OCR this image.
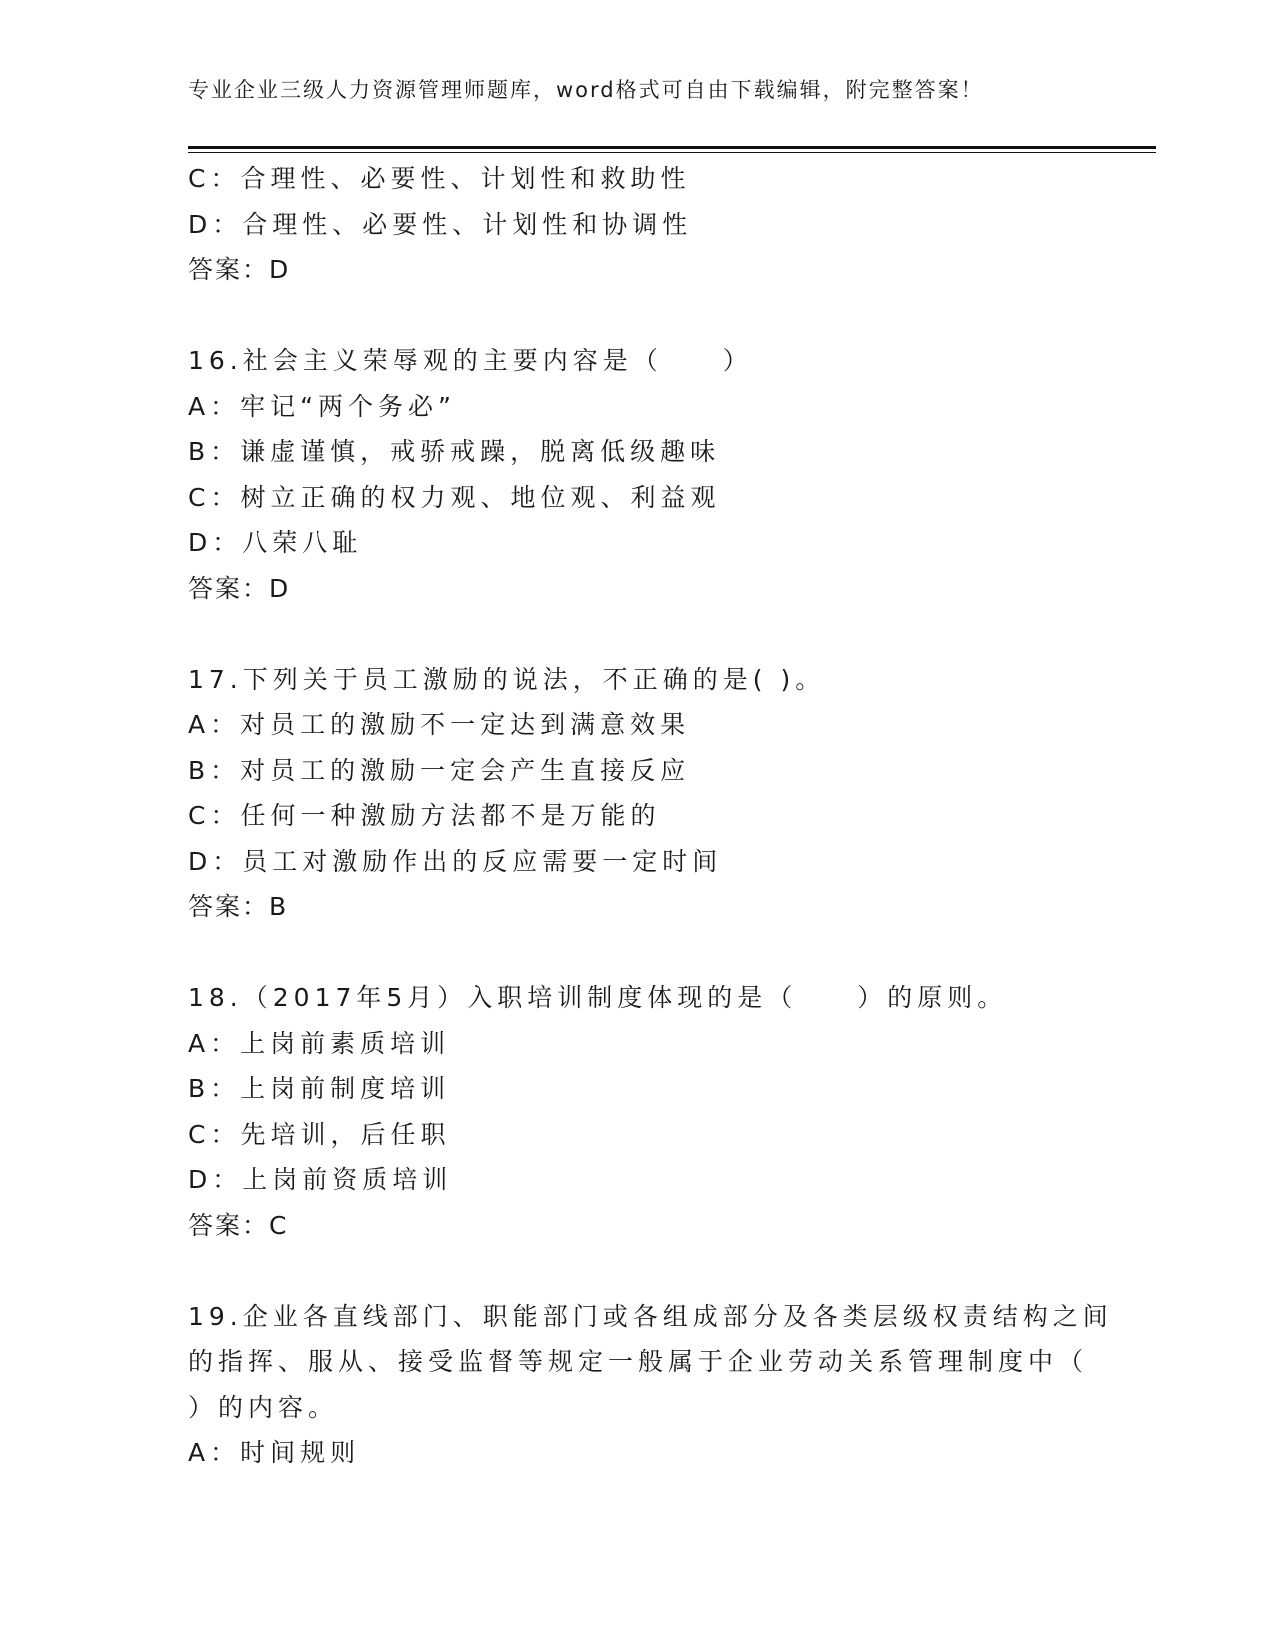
专业企业三级人力资源管理师题库，word格式可自由下载编辑，附完整答案！
C：合理性、必要性、计划性和救助性
D：合理性、必要性、计划性和协调性
答案：D
16.社会主义荣辱观的主要内容是（　　）
A：牢记“两个务必”
B：谦虚谨慎，戒骄戒躁，脱离低级趣味
C：树立正确的权力观、地位观、利益观
D：八荣八耻
答案：D
17.下列关于员工激励的说法，不正确的是( )。
A：对员工的激励不一定达到满意效果
B：对员工的激励一定会产生直接反应
C：任何一种激励方法都不是万能的
D：员工对激励作出的反应需要一定时间
答案：B
18.（2017年5月）入职培训制度体现的是（　　）的原则。
A：上岗前素质培训
B：上岗前制度培训
C：先培训，后任职
D：上岗前资质培训
答案：C
19.企业各直线部门、职能部门或各组成部分及各类层级权责结构之间
的指挥、服从、接受监督等规定一般属于企业劳动关系管理制度中（
）的内容。
A：时间规则
